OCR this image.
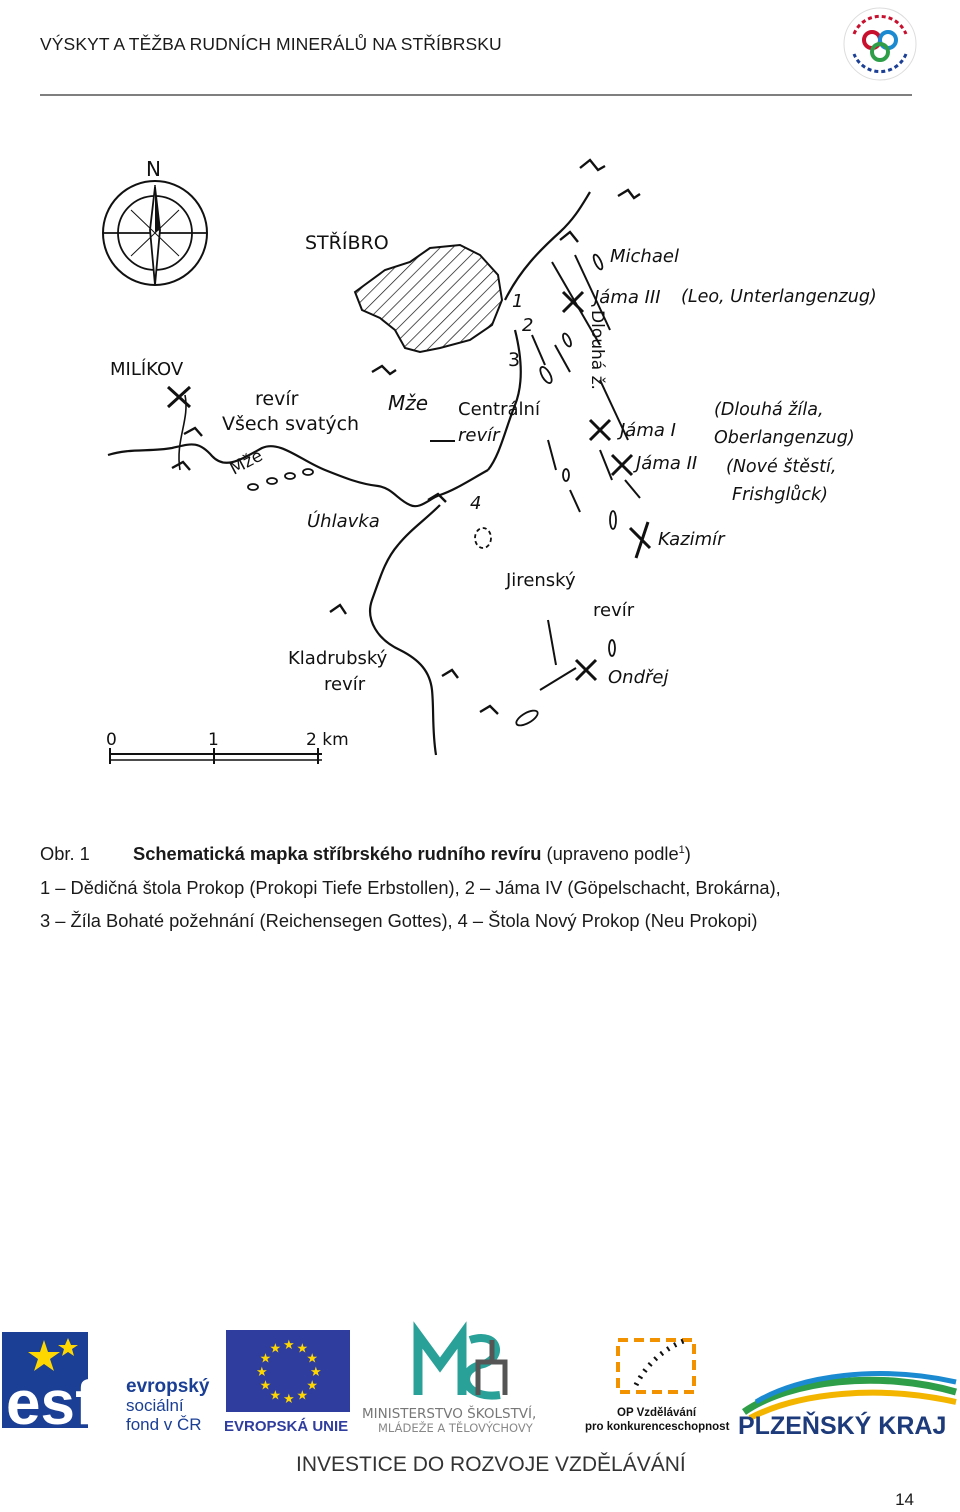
VÝSKYT A TĚŽBA RUDNÍCH MINERÁLŮ NA STŘÍBRSKU
N
STŘÍBRO
MILÍKOV
revír
Všech svatých
Mže
Mže
Úhlavka
Centrální
revír
1
2
3
4
Michael
Jáma III (Leo, Unterlangenzug)
Dlouhá ž.
(Dlouhá žíla,
Oberlangenzug)
Jáma I
Jáma II (Nové štěstí,
Frishglůck)
Kazimír
Jirenský
revír
Kladrubský
revír	Ondřej
0	1	2 km
Obr. 1 Schematická mapka stříbrského rudního revíru (upraveno podle$^1$)
1 – Dědičná štola Prokop (Prokopi Tiefe Erbstollen), 2 – Jáma IV (Göpelschacht, Brokárna),
3 – Žíla Bohaté požehnání (Reichensegen Gottes), 4 – Štola Nový Prokop (Neu Prokopi)
esf evropský
sociální
fond v ČR
★
★
★
★
★
★
★
★
★ ★ ★
★
EVROPSKÁ UNIE
MINISTERSTVO ŠKOLSTVÍ,
MLÁDEŽE A TĚLOVÝCHOVY
OP Vzdělávání
pro konkurenceschopnost PLZEŇSKÝ KRAJ
INVESTICE DO ROZVOJE VZDĚLÁVÁNÍ
14
